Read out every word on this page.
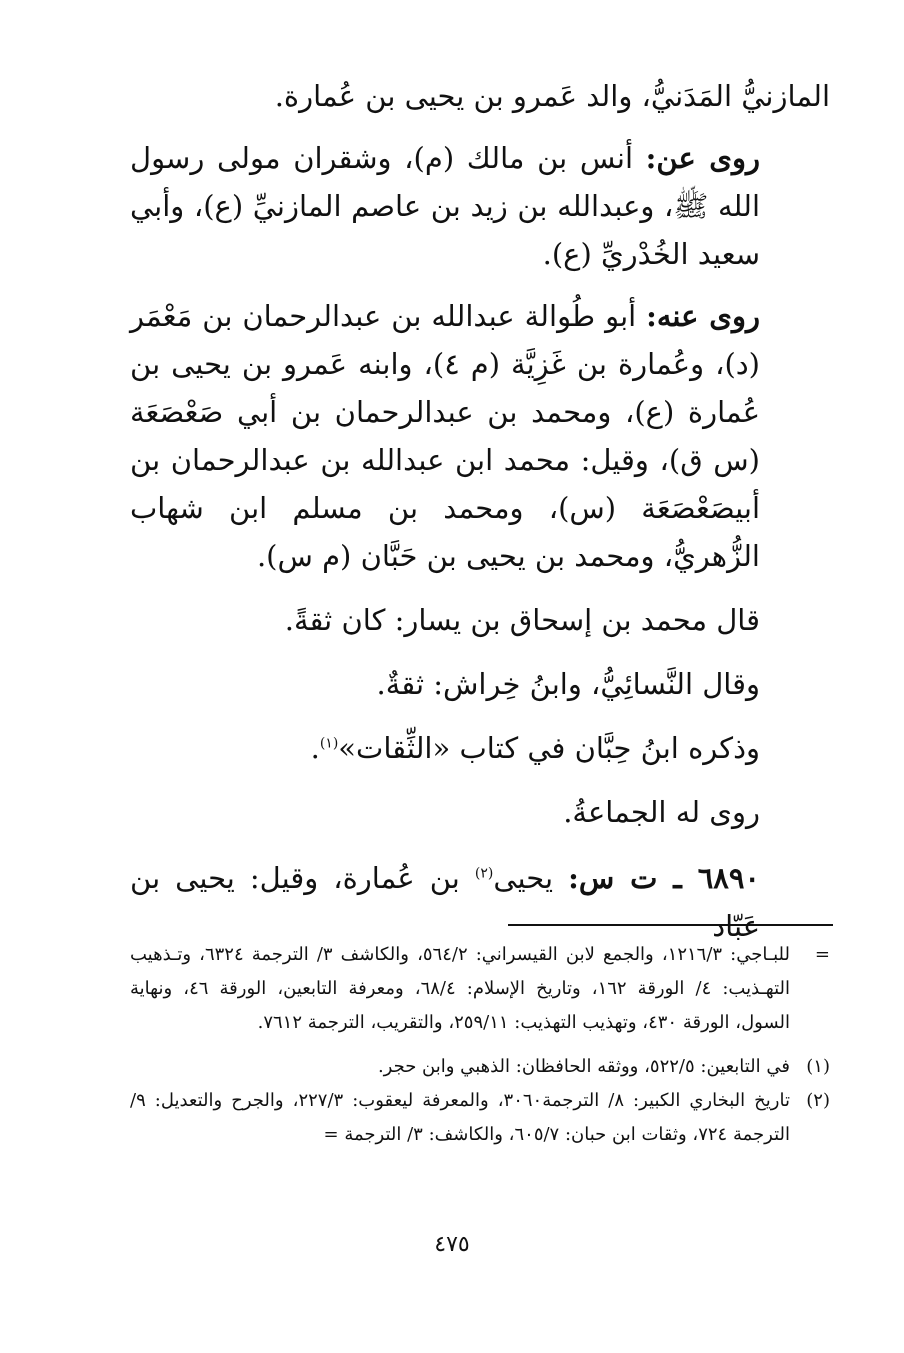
المازنيُّ المَدَنيُّ، والد عَمرو بن يحيى بن عُمارة.

روى عن: أنس بن مالك (م)، وشقران مولى رسول الله ﷺ، وعبدالله بن زيد بن عاصم المازنيِّ (ع)، وأبي سعيد الخُدْريِّ (ع).

روى عنه: أبو طُوالة عبدالله بن عبدالرحمان بن مَعْمَر (د)، وعُمارة بن غَزِيَّة (م ٤)، وابنه عَمرو بن يحيى بن عُمارة (ع)، ومحمد بن عبدالرحمان بن أبي صَعْصَعَة (س ق)، وقيل: محمد ابن عبدالله بن عبدالرحمان بن أبيصَعْصَعَة (س)، ومحمد بن مسلم ابن شهاب الزُّهريُّ، ومحمد بن يحيى بن حَبَّان (م س).

قال محمد بن إسحاق بن يسار: كان ثقةً.

وقال النَّسائِيُّ، وابنُ خِراش: ثقةٌ.

وذكره ابنُ حِبَّان في كتاب «الثِّقات»$^{(١)}$.

روى له الجماعةُ.

٦٨٩٠ ـ ت س: يحيى$^{(٢)}$ بن عُمارة، وقيل: يحيى بن عَبّاد

=
للبـاجي: ١٢١٦/٣، والجمع لابن القيسراني: ٥٦٤/٢، والكاشف ٣/ الترجمة ٦٣٢٤، وتـذهيب التهـذيب: ٤/ الورقة ١٦٢، وتاريخ الإسلام: ٦٨/٤، ومعرفة التابعين، الورقة ٤٦، ونهاية السول، الورقة ٤٣٠، وتهذيب التهذيب: ٢٥٩/١١، والتقريب، الترجمة ٧٦١٢.
(١)
في التابعين: ٥٢٢/٥، ووثقه الحافظان: الذهبي وابن حجر.
(٢)
تاريخ البخاري الكبير: ٨/ الترجمة٣٠٦٠، والمعرفة ليعقوب: ٢٢٧/٣، والجرح والتعديل: ٩/ الترجمة ٧٢٤، وثقات ابن حبان: ٦٠٥/٧، والكاشف: ٣/ الترجمة =
٤٧٥
